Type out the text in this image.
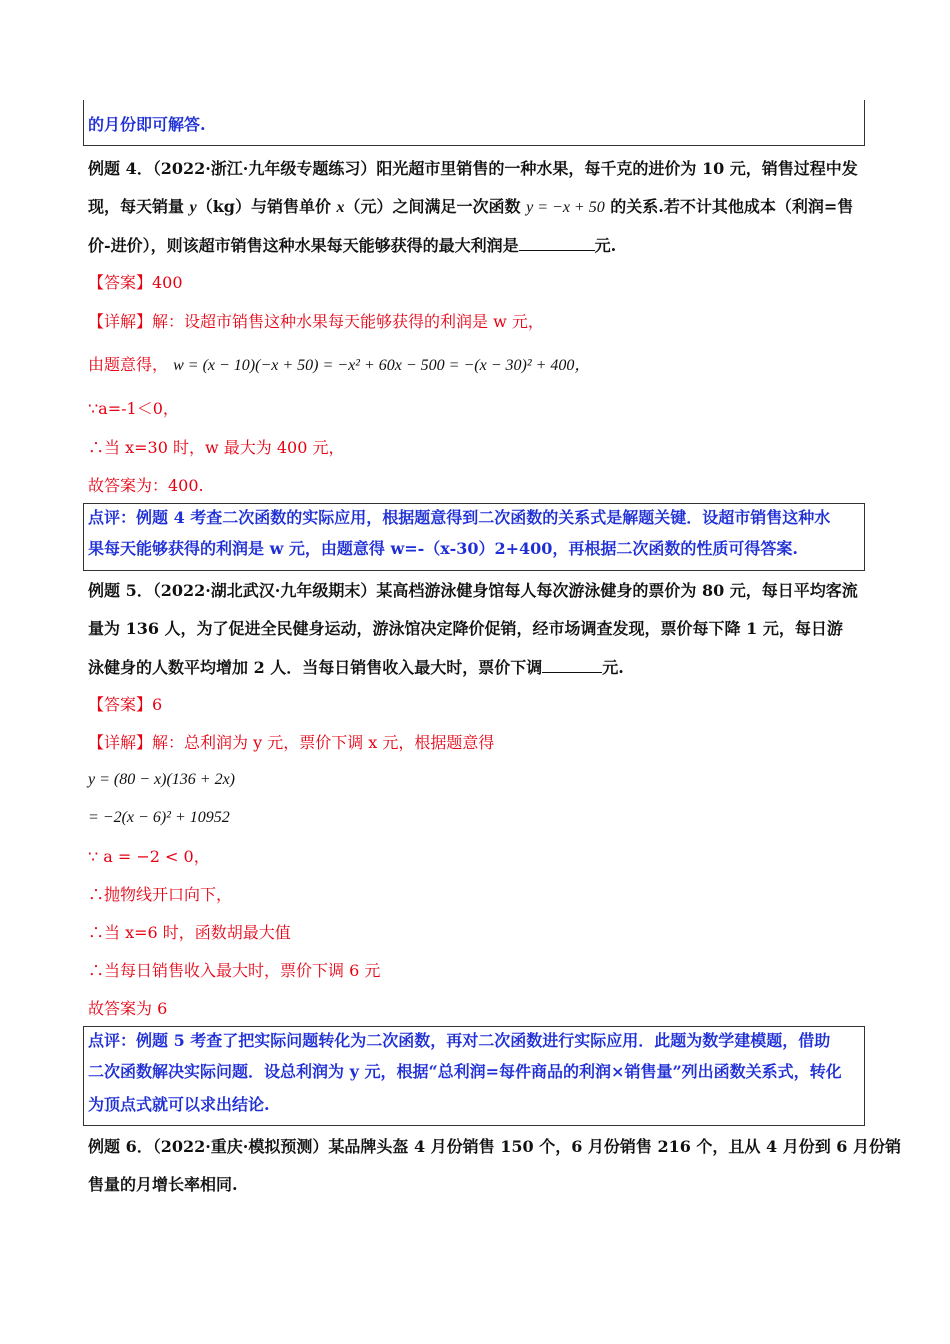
的月份即可解答.
例题 4．（2022·浙江·九年级专题练习）阳光超市里销售的一种水果，每千克的进价为 10 元，销售过程中发
现，每天销量 y（kg）与销售单价 x（元）之间满足一次函数 y = −x + 50 的关系.若不计其他成本（利润=售
价-进价），则该超市销售这种水果每天能够获得的最大利润是	元.
【答案】400
【详解】解：设超市销售这种水果每天能够获得的利润是 w 元，
由题意得， w = (x − 10)(−x + 50) = −x² + 60x − 500 = −(x − 30)² + 400，
∵a=-1＜0，
∴当 x=30 时，w 最大为 400 元，
故答案为：400.
点评：例题 4 考查二次函数的实际应用，根据题意得到二次函数的关系式是解题关键．设超市销售这种水
果每天能够获得的利润是 w 元，由题意得 w=-（x-30）2+400，再根据二次函数的性质可得答案.
例题 5．（2022·湖北武汉·九年级期末）某高档游泳健身馆每人每次游泳健身的票价为 80 元，每日平均客流
量为 136 人，为了促进全民健身运动，游泳馆决定降价促销，经市场调查发现，票价每下降 1 元，每日游
泳健身的人数平均增加 2 人．当每日销售收入最大时，票价下调	元.
【答案】6
【详解】解：总利润为 y 元，票价下调 x 元，根据题意得
y = (80 − x)(136 + 2x)
= −2(x − 6)² + 10952
∵ a = −2 < 0，
∴抛物线开口向下，
∴当 x=6 时，函数胡最大值
∴当每日销售收入最大时，票价下调 6 元
故答案为 6
点评：例题 5 考查了把实际问题转化为二次函数，再对二次函数进行实际应用．此题为数学建模题，借助
二次函数解决实际问题．设总利润为 y 元，根据“总利润=每件商品的利润×销售量”列出函数关系式，转化
为顶点式就可以求出结论.
例题 6．（2022·重庆·模拟预测）某品牌头盔 4 月份销售 150 个，6 月份销售 216 个，且从 4 月份到 6 月份销
售量的月增长率相同.
